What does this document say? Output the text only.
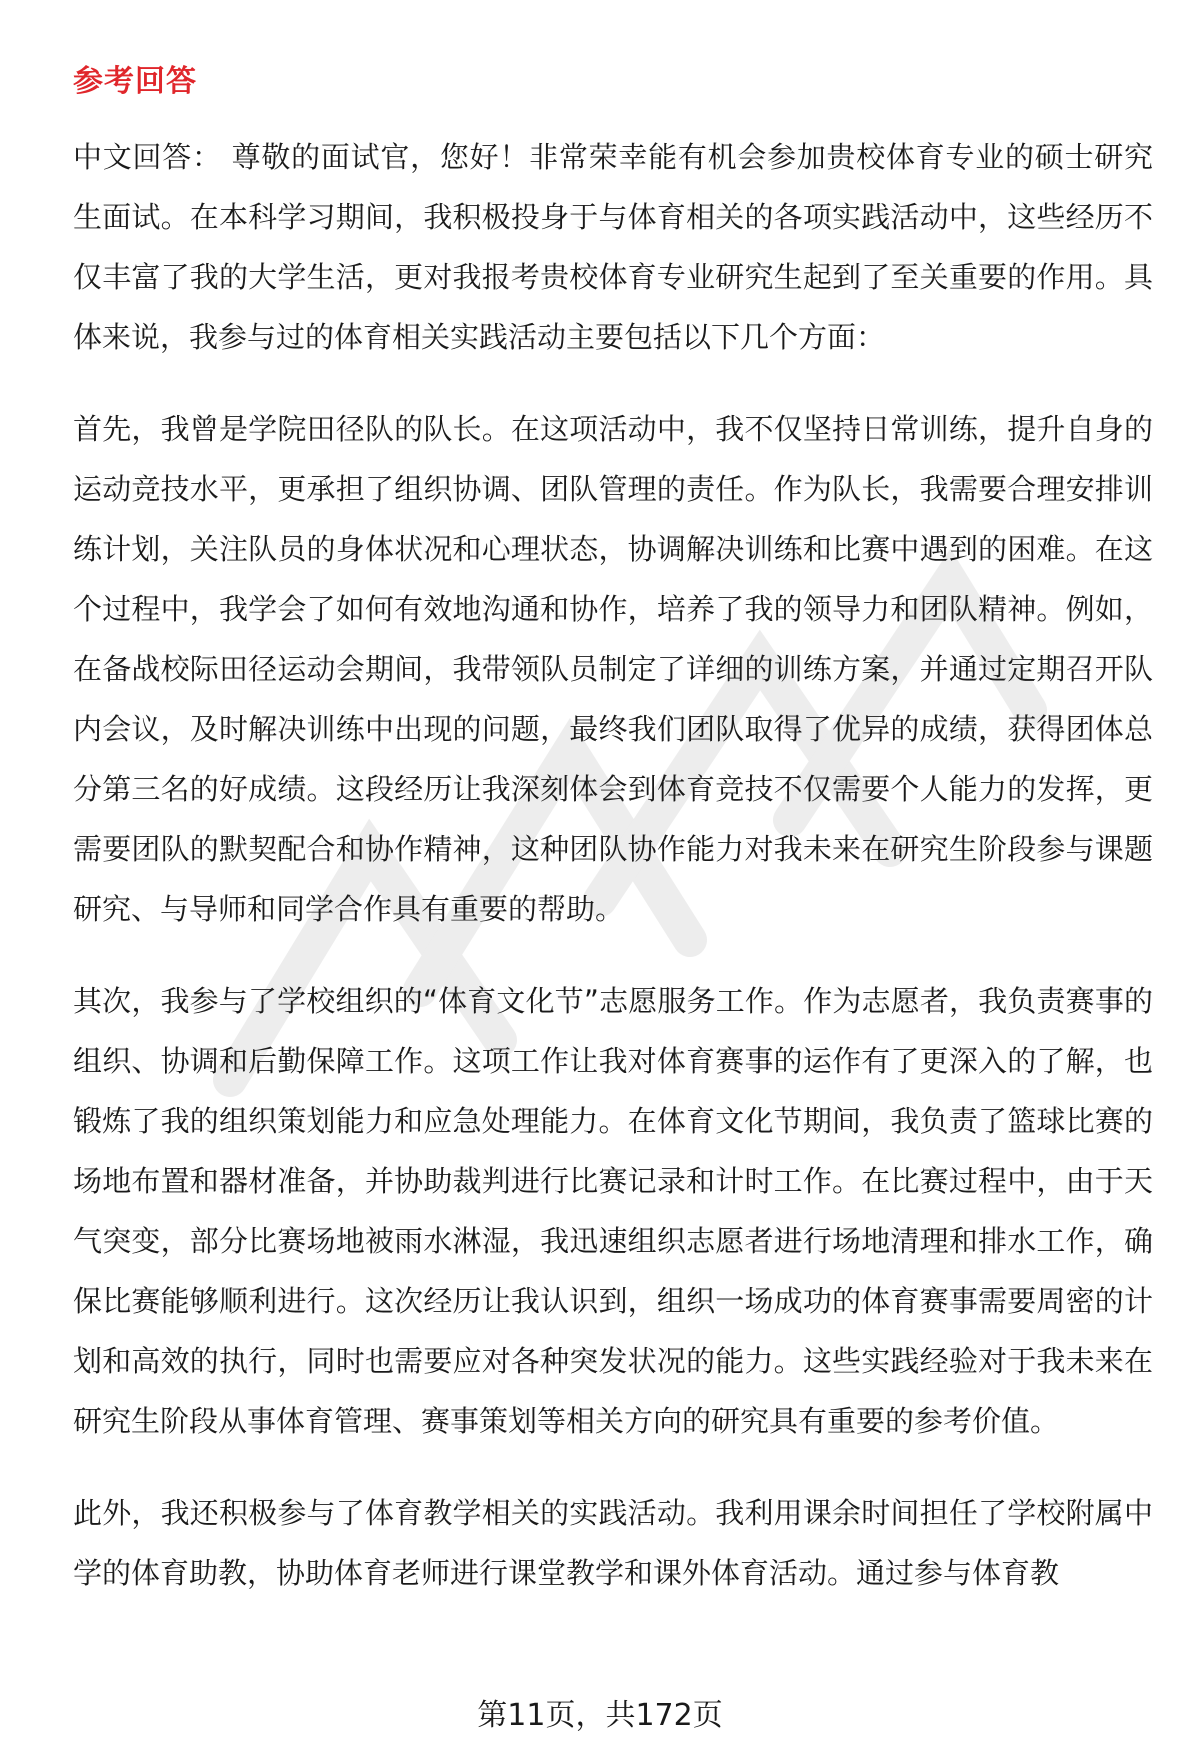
参考回答

中文回答： 尊敬的面试官，您好！非常荣幸能有机会参加贵校体育专业的硕士研究生面试。在本科学习期间，我积极投身于与体育相关的各项实践活动中，这些经历不仅丰富了我的大学生活，更对我报考贵校体育专业研究生起到了至关重要的作用。具体来说，我参与过的体育相关实践活动主要包括以下几个方面：

首先，我曾是学院田径队的队长。在这项活动中，我不仅坚持日常训练，提升自身的运动竞技水平，更承担了组织协调、团队管理的责任。作为队长，我需要合理安排训练计划，关注队员的身体状况和心理状态，协调解决训练和比赛中遇到的困难。在这个过程中，我学会了如何有效地沟通和协作，培养了我的领导力和团队精神。例如，在备战校际田径运动会期间，我带领队员制定了详细的训练方案，并通过定期召开队内会议，及时解决训练中出现的问题，最终我们团队取得了优异的成绩，获得团体总分第三名的好成绩。这段经历让我深刻体会到体育竞技不仅需要个人能力的发挥，更需要团队的默契配合和协作精神，这种团队协作能力对我未来在研究生阶段参与课题研究、与导师和同学合作具有重要的帮助。

其次，我参与了学校组织的“体育文化节”志愿服务工作。作为志愿者，我负责赛事的组织、协调和后勤保障工作。这项工作让我对体育赛事的运作有了更深入的了解，也锻炼了我的组织策划能力和应急处理能力。在体育文化节期间，我负责了篮球比赛的场地布置和器材准备，并协助裁判进行比赛记录和计时工作。在比赛过程中，由于天气突变，部分比赛场地被雨水淋湿，我迅速组织志愿者进行场地清理和排水工作，确保比赛能够顺利进行。这次经历让我认识到，组织一场成功的体育赛事需要周密的计划和高效的执行，同时也需要应对各种突发状况的能力。这些实践经验对于我未来在研究生阶段从事体育管理、赛事策划等相关方向的研究具有重要的参考价值。

此外，我还积极参与了体育教学相关的实践活动。我利用课余时间担任了学校附属中学的体育助教，协助体育老师进行课堂教学和课外体育活动。通过参与体育教

第11页，共172页
